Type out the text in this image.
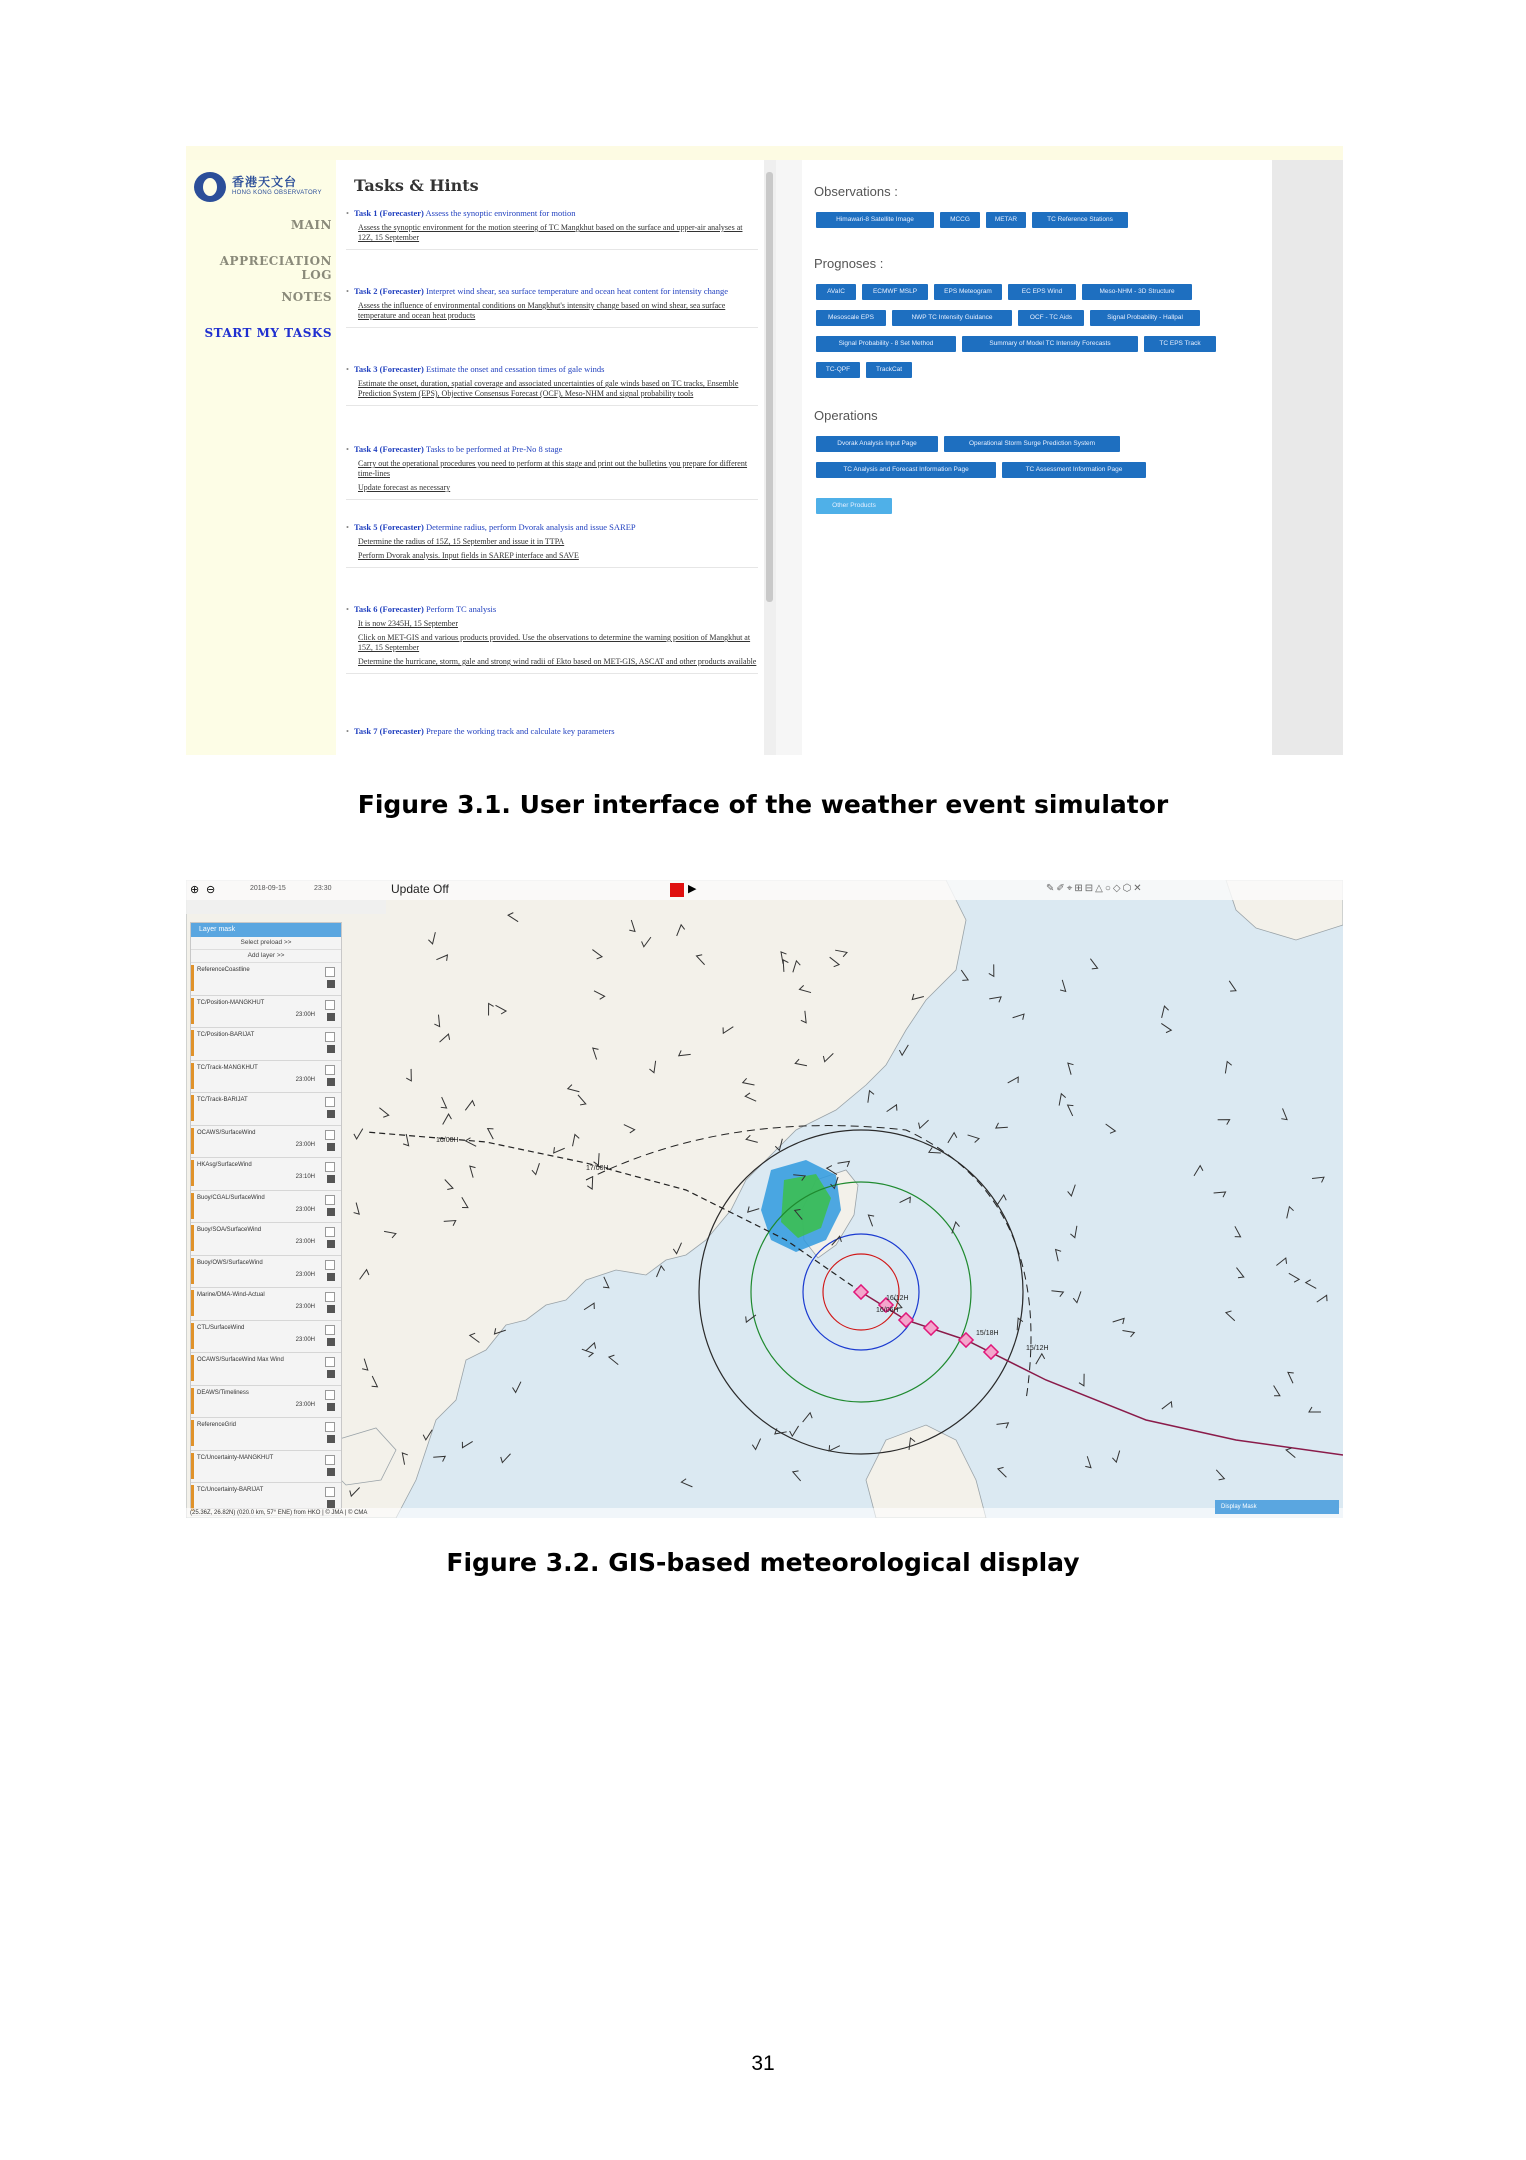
香港天文台
HONG KONG OBSERVATORY
MAIN
APPRECIATION LOG
NOTES
START MY TASKS
Tasks & Hints
• Task 1 (Forecaster) Assess the synoptic environment for motion
Assess the synoptic environment for the motion steering of TC Mangkhut based on the surface and upper-air analyses at 12Z, 15 September
• Task 2 (Forecaster) Interpret wind shear, sea surface temperature and ocean heat content for intensity change
Assess the influence of environmental conditions on Mangkhut's intensity change based on wind shear, sea surface temperature and ocean heat products
• Task 3 (Forecaster) Estimate the onset and cessation times of gale winds
Estimate the onset, duration, spatial coverage and associated uncertainties of gale winds based on TC tracks, Ensemble Prediction System (EPS), Objective Consensus Forecast (OCF), Meso-NHM and signal probability tools
• Task 4 (Forecaster) Tasks to be performed at Pre-No 8 stage
Carry out the operational procedures you need to perform at this stage and print out the bulletins you prepare for different time-lines
Update forecast as necessary
• Task 5 (Forecaster) Determine radius, perform Dvorak analysis and issue SAREP
Determine the radius of 15Z, 15 September and issue it in TTPA
Perform Dvorak analysis. Input fields in SAREP interface and SAVE
• Task 6 (Forecaster) Perform TC analysis
It is now 2345H, 15 September
Click on MET-GIS and various products provided. Use the observations to determine the warning position of Mangkhut at 15Z, 15 September
Determine the hurricane, storm, gale and strong wind radii of Ekto based on MET-GIS, ASCAT and other products available
• Task 7 (Forecaster) Prepare the working track and calculate key parameters
Observations :
Himawari-8 Satellite Image	MCCG	METAR	TC Reference Stations
Prognoses :
AVaIC	ECMWF MSLP	EPS Meteogram	EC EPS Wind	Meso-NHM - 3D Structure
Mesoscale EPS	NWP TC Intensity Guidance	OCF - TC Aids	Signal Probability - Hallpal
Signal Probability - 8 Set Method	Summary of Model TC Intensity Forecasts	TC EPS Track
TC-QPF	TrackCat
Operations
Dvorak Analysis Input Page	Operational Storm Surge Prediction System
TC Analysis and Forecast Information Page	TC Assessment Information Page
Other Products
Figure 3.1. User interface of the weather event simulator
16/00H
17/00H
16/12H
16/06H
15/18H
15/12H
⊕ ⊖	2018-09-15	23:30	Update Off	▶	✎✐⌖⊞⊟△○◇⬡✕
Layer mask
Select preload >>
Add layer >>
ReferenceCoastline
TC/Position-MANGKHUT
23:00H
TC/Position-BARIJAT
TC/Track-MANGKHUT
23:00H
TC/Track-BARIJAT
OCAWS/SurfaceWind
23:00H
HKAsg/SurfaceWind
23:10H
Buoy/CGAL/SurfaceWind
23:00H
Buoy/SOA/SurfaceWind
23:00H
Buoy/OWS/SurfaceWind
23:00H
Marine/DMA-Wind-Actual
23:00H
CTL/SurfaceWind
23:00H
OCAWS/SurfaceWind Max Wind
DEAWS/Timeliness
23:00H
ReferenceGrid
TC/Uncertainty-MANGKHUT
TC/Uncertainty-BARIJAT
(25.36Z, 26.82N) (020.0 km, 57° ENE) from HKO | © JMA | © CMA
Display Mask
Figure 3.2. GIS-based meteorological display
31
